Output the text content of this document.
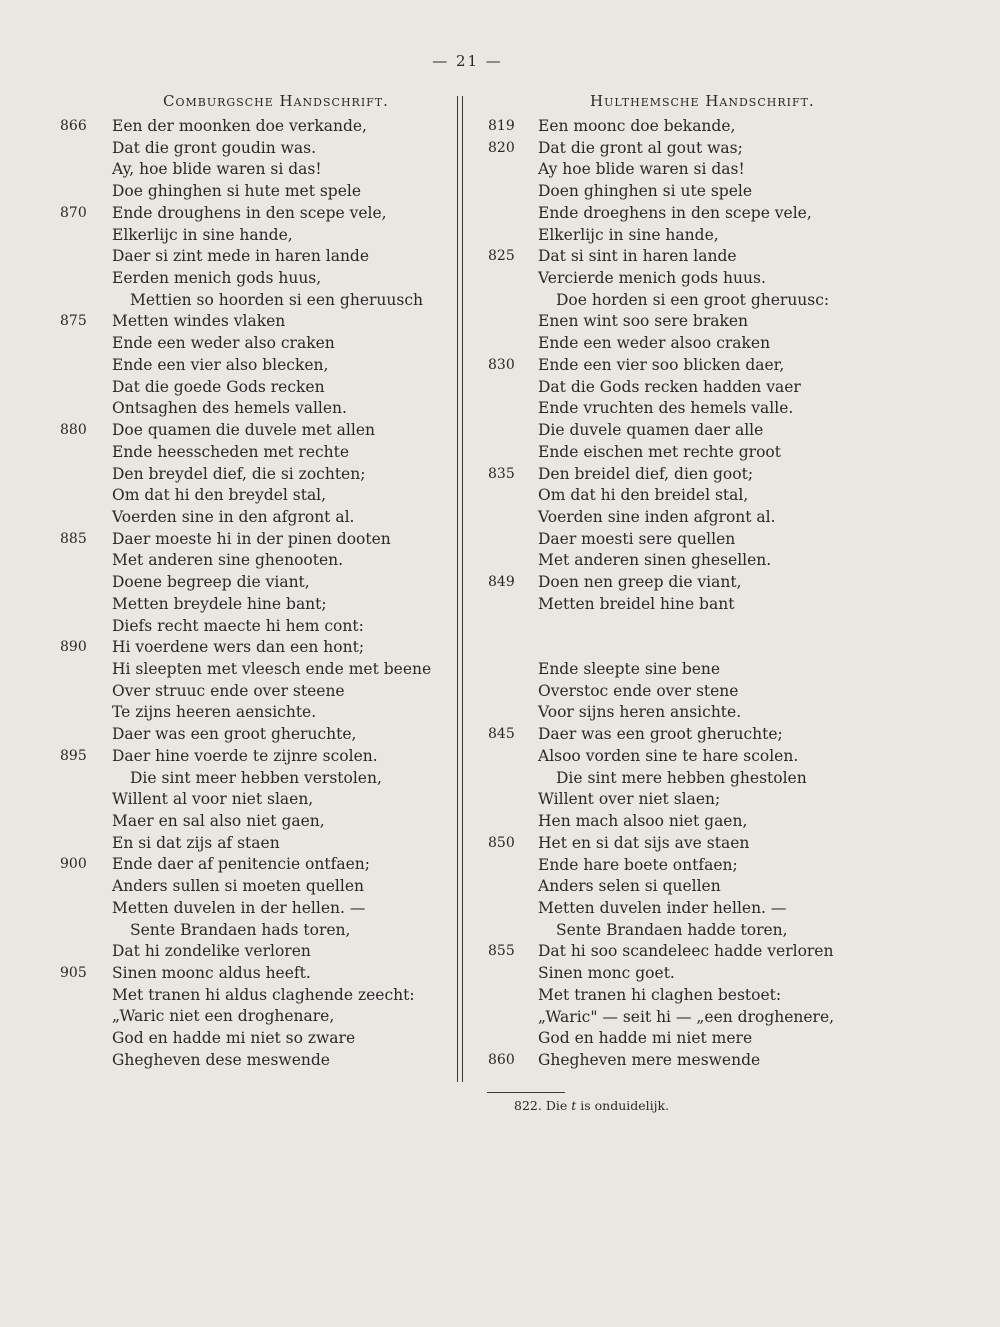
— 21 —
Comburgsche Handschrift.
866	Een der moonken doe verkande,
Dat die gront goudin was.
Ay, hoe blide waren si das!
Doe ghinghen si hute met spele
870	Ende droughens in den scepe vele,
Elkerlijc in sine hande,
Daer si zint mede in haren lande
Eerden menich gods huus,
Mettien so hoorden si een gheruusch
875	Metten windes vlaken
Ende een weder also craken
Ende een vier also blecken,
Dat die goede Gods recken
Ontsaghen des hemels vallen.
880	Doe quamen die duvele met allen
Ende heesscheden met rechte
Den breydel dief, die si zochten;
Om dat hi den breydel stal,
Voerden sine in den afgront al.
885	Daer moeste hi in der pinen dooten
Met anderen sine ghenooten.
Doene begreep die viant,
Metten breydele hine bant;
Diefs recht maecte hi hem cont:
890	Hi voerdene wers dan een hont;
Hi sleepten met vleesch ende met beene
Over struuc ende over steene
Te zijns heeren aensichte.
Daer was een groot gheruchte,
895	Daer hine voerde te zijnre scolen.
Die sint meer hebben verstolen,
Willent al voor niet slaen,
Maer en sal also niet gaen,
En si dat zijs af staen
900	Ende daer af penitencie ontfaen;
Anders sullen si moeten quellen
Metten duvelen in der hellen. —
Sente Brandaen hads toren,
Dat hi zondelike verloren
905	Sinen moonc aldus heeft.
Met tranen hi aldus claghende zeecht:
„Waric niet een droghenare,
God en hadde mi niet so zware
Ghegheven dese meswende
Hulthemsche Handschrift.
819	Een moonc doe bekande,
820	Dat die gront al gout was;
Ay hoe blide waren si das!
Doen ghinghen si ute spele
Ende droeghens in den scepe vele,
Elkerlijc in sine hande,
825	Dat si sint in haren lande
Vercierde menich gods huus.
Doe horden si een groot gheruusc:
Enen wint soo sere braken
Ende een weder alsoo craken
830	Ende een vier soo blicken daer,
Dat die Gods recken hadden vaer
Ende vruchten des hemels valle.
Die duvele quamen daer alle
Ende eischen met rechte groot
835	Den breidel dief, dien goot;
Om dat hi den breidel stal,
Voerden sine inden afgront al.
Daer moesti sere quellen
Met anderen sinen ghesellen.
849	Doen nen greep die viant,
Metten breidel hine bant
Ende sleepte sine bene
Overstoc ende over stene
Voor sijns heren ansichte.
845	Daer was een groot gheruchte;
Alsoo vorden sine te hare scolen.
Die sint mere hebben ghestolen
Willent over niet slaen;
Hen mach alsoo niet gaen,
850	Het en si dat sijs ave staen
Ende hare boete ontfaen;
Anders selen si quellen
Metten duvelen inder hellen. —
Sente Brandaen hadde toren,
855	Dat hi soo scandeleec hadde verloren
Sinen monc goet.
Met tranen hi claghen bestoet:
„Waric" — seit hi — „een droghenere,
God en hadde mi niet mere
860	Ghegheven mere meswende
822. Die t is onduidelijk.
